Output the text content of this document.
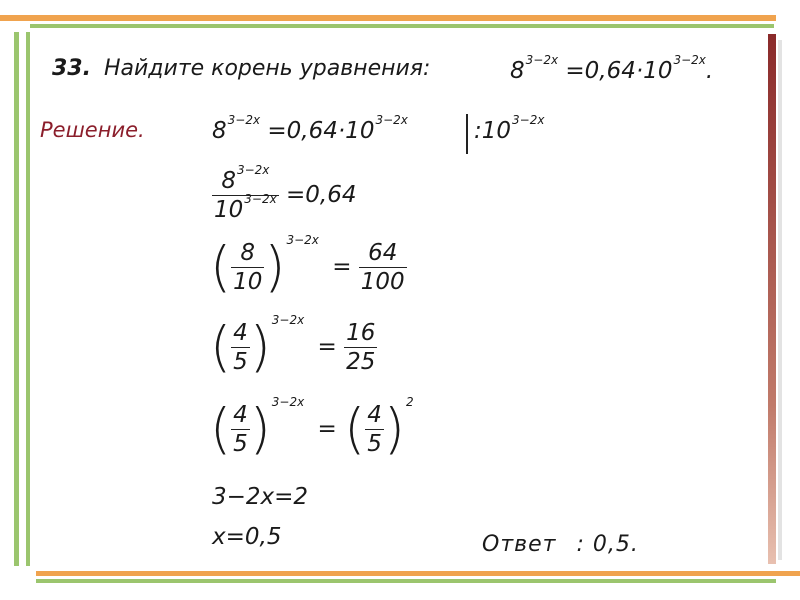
33. Найдите корень уравнения:	$8^{3-2x} =0,64\cdot 10^{3-2x}$.
Решение.	$8^{3-2x} =0,64\cdot 10^{3-2x}$	$:10^{3-2x}$
$\frac{8^{3-2x}}{10^{3-2x}} =0,64$
( $\frac{8}{10} )^{3-2x} = \frac{64}{100}$
( $\frac{4}{5} )^{3-2x} = \frac{16}{25}$
( $\frac{4}{5} )^{3-2x}$ = ( $\frac{4}{5} )^2$
3−2x=2
x=0,5	Ответ : 0,5.
